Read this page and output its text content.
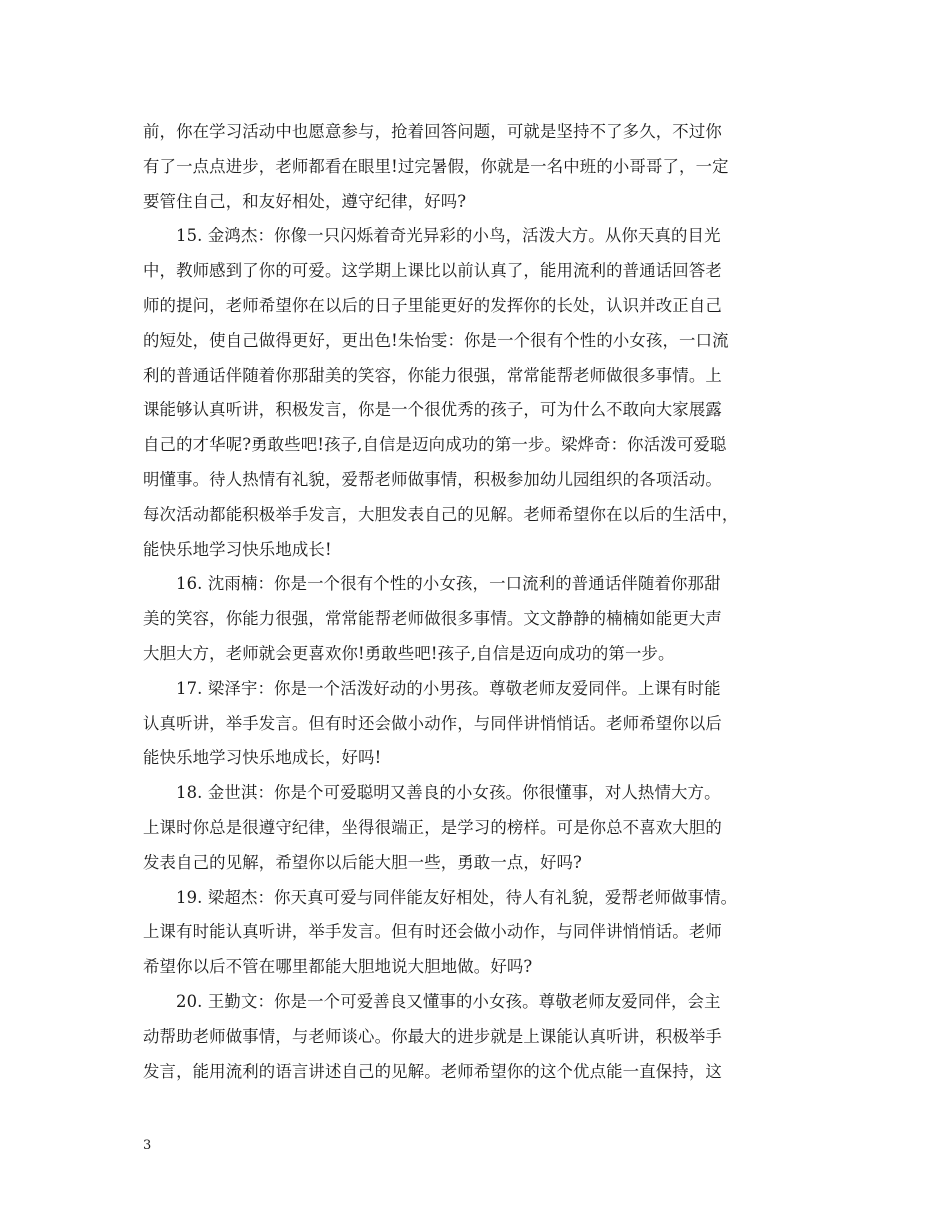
前，你在学习活动中也愿意参与，抢着回答问题，可就是坚持不了多久，不过你
有了一点点进步，老师都看在眼里!过完暑假，你就是一名中班的小哥哥了，一定
要管住自己，和友好相处，遵守纪律，好吗?
15. 金鸿杰：你像一只闪烁着奇光异彩的小鸟，活泼大方。从你天真的目光
中，教师感到了你的可爱。这学期上课比以前认真了，能用流利的普通话回答老
师的提问，老师希望你在以后的日子里能更好的发挥你的长处，认识并改正自己
的短处，使自己做得更好，更出色!朱怡雯：你是一个很有个性的小女孩，一口流
利的普通话伴随着你那甜美的笑容，你能力很强，常常能帮老师做很多事情。上
课能够认真听讲，积极发言，你是一个很优秀的孩子，可为什么不敢向大家展露
自己的才华呢?勇敢些吧!孩子,自信是迈向成功的第一步。梁烨奇：你活泼可爱聪
明懂事。待人热情有礼貌，爱帮老师做事情，积极参加幼儿园组织的各项活动。
每次活动都能积极举手发言，大胆发表自己的见解。老师希望你在以后的生活中，
能快乐地学习快乐地成长!
16. 沈雨楠：你是一个很有个性的小女孩，一口流利的普通话伴随着你那甜
美的笑容，你能力很强，常常能帮老师做很多事情。文文静静的楠楠如能更大声
大胆大方，老师就会更喜欢你!勇敢些吧!孩子,自信是迈向成功的第一步。
17. 梁泽宇：你是一个活泼好动的小男孩。尊敬老师友爱同伴。上课有时能
认真听讲，举手发言。但有时还会做小动作，与同伴讲悄悄话。老师希望你以后
能快乐地学习快乐地成长，好吗!
18. 金世淇：你是个可爱聪明又善良的小女孩。你很懂事，对人热情大方。
上课时你总是很遵守纪律，坐得很端正，是学习的榜样。可是你总不喜欢大胆的
发表自己的见解，希望你以后能大胆一些，勇敢一点，好吗?
19. 梁超杰：你天真可爱与同伴能友好相处，待人有礼貌，爱帮老师做事情。
上课有时能认真听讲，举手发言。但有时还会做小动作，与同伴讲悄悄话。老师
希望你以后不管在哪里都能大胆地说大胆地做。好吗?
20. 王勤文：你是一个可爱善良又懂事的小女孩。尊敬老师友爱同伴，会主
动帮助老师做事情，与老师谈心。你最大的进步就是上课能认真听讲，积极举手
发言，能用流利的语言讲述自己的见解。老师希望你的这个优点能一直保持，这
3
